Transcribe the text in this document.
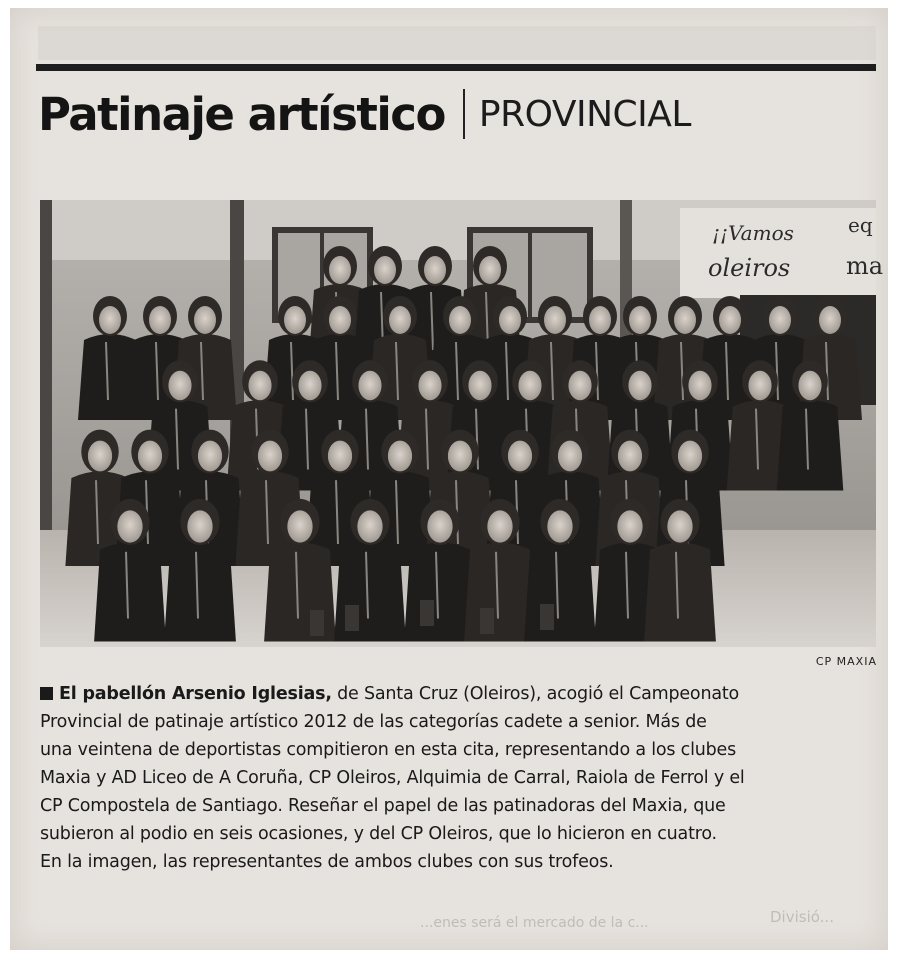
Patinaje artístico PROVINCIAL
¡¡Vamos
oleiros
eq
ma
CP MAXIA
El pabellón Arsenio Iglesias, de Santa Cruz (Oleiros), acogió el Campeonato
Provincial de patinaje artístico 2012 de las categorías cadete a senior. Más de
una veintena de deportistas compitieron en esta cita, representando a los clubes
Maxia y AD Liceo de A Coruña, CP Oleiros, Alquimia de Carral, Raiola de Ferrol y el
CP Compostela de Santiago. Reseñar el papel de las patinadoras del Maxia, que
subieron al podio en seis ocasiones, y del CP Oleiros, que lo hicieron en cuatro.
En la imagen, las representantes de ambos clubes con sus trofeos.
...enes será el mercado de la c...	Divisió...
